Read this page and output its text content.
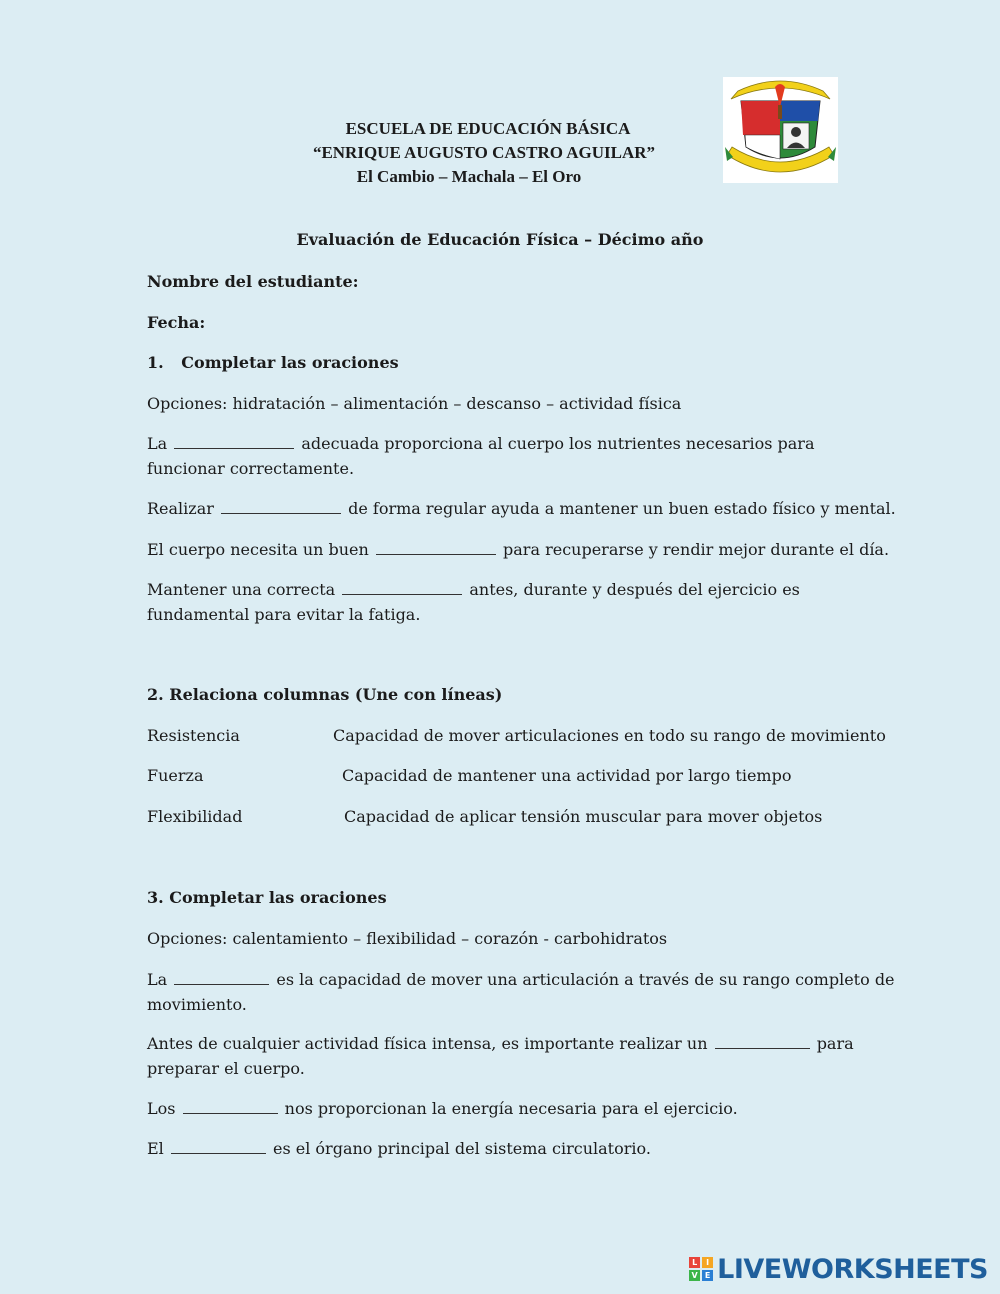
ESCUELA DE EDUCACIÓN BÁSICA
“ENRIQUE AUGUSTO CASTRO AGUILAR”
El Cambio – Machala – El Oro
Evaluación de Educación Física – Décimo año
Nombre del estudiante:
Fecha:
1. Completar las oraciones
Opciones: hidratación – alimentación – descanso – actividad física
La	adecuada proporciona al cuerpo los nutrientes necesarios para
funcionar correctamente.
Realizar	de forma regular ayuda a mantener un buen estado físico y mental.
El cuerpo necesita un buen	para recuperarse y rendir mejor durante el día.
Mantener una correcta	antes, durante y después del ejercicio es
fundamental para evitar la fatiga.
2. Relaciona columnas (Une con líneas)
Resistencia	Capacidad de mover articulaciones en todo su rango de movimiento
Fuerza	Capacidad de mantener una actividad por largo tiempo
Flexibilidad	Capacidad de aplicar tensión muscular para mover objetos
3. Completar las oraciones
Opciones: calentamiento – flexibilidad – corazón - carbohidratos
La	es la capacidad de mover una articulación a través de su rango completo de
movimiento.
Antes de cualquier actividad física intensa, es importante realizar un	para
preparar el cuerpo.
Los	nos proporcionan la energía necesaria para el ejercicio.
El	es el órgano principal del sistema circulatorio.
L	I
V E LIVEWORKSHEETS
